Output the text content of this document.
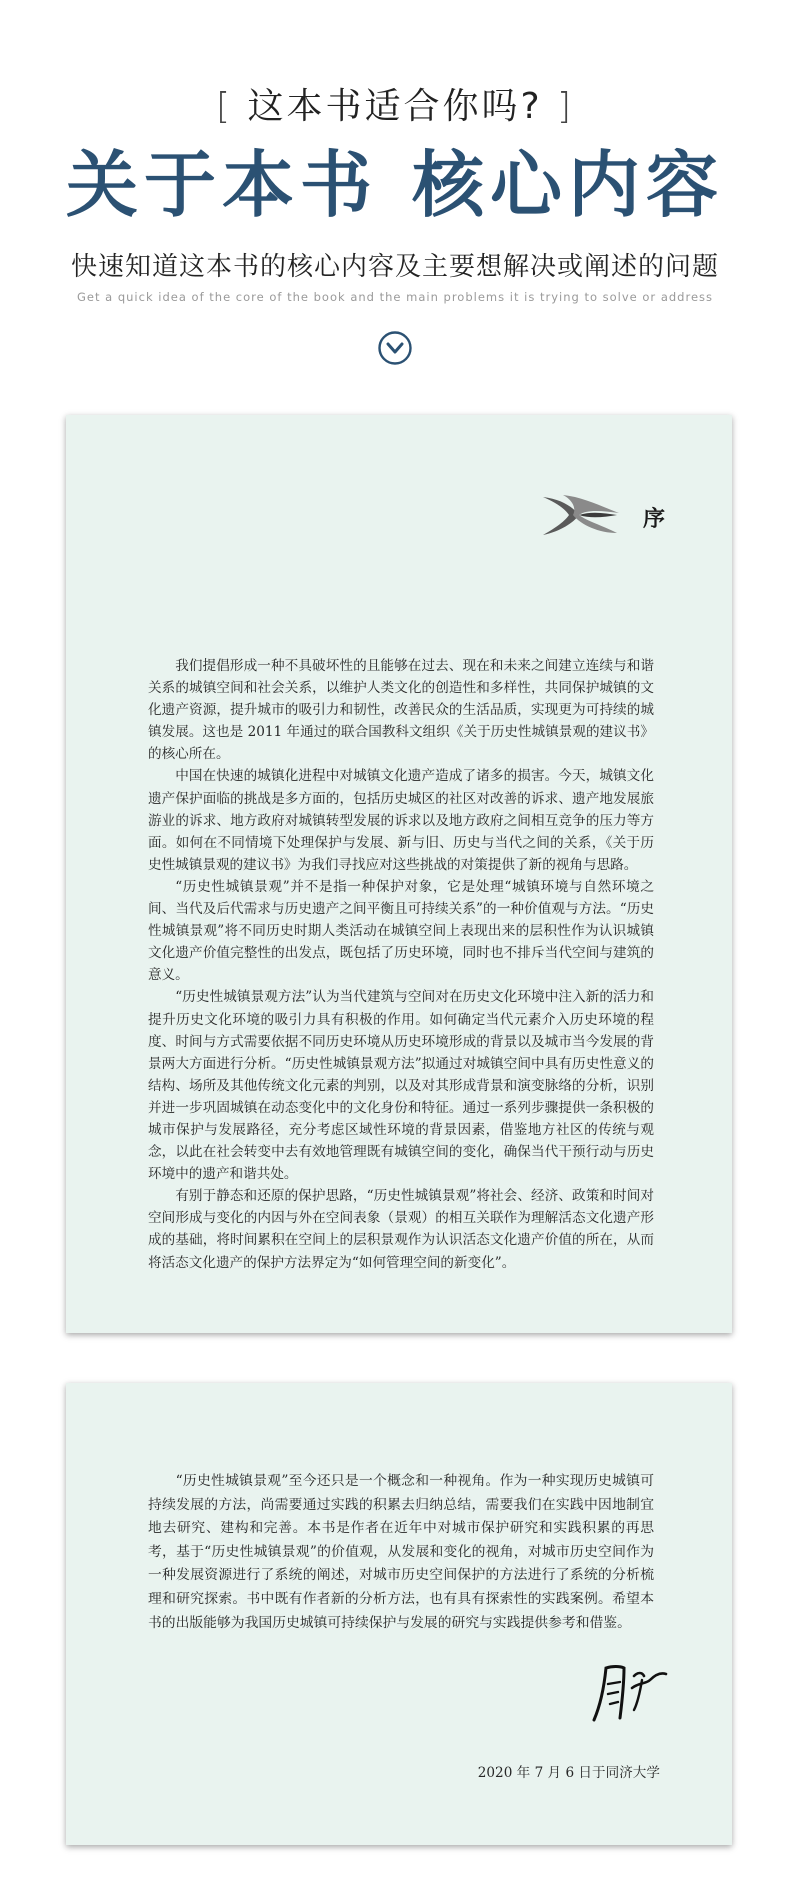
[ 这本书适合你吗? ]
关于本书 核心内容
快速知道这本书的核心内容及主要想解决或阐述的问题
Get a quick idea of the core of the book and the main problems it is trying to solve or address
序

我们提倡形成一种不具破坏性的且能够在过去、现在和未来之间建立连续与和谐关系的城镇空间和社会关系，以维护人类文化的创造性和多样性，共同保护城镇的文化遗产资源，提升城市的吸引力和韧性，改善民众的生活品质，实现更为可持续的城镇发展。这也是 2011 年通过的联合国教科文组织《关于历史性城镇景观的建议书》的核心所在。

中国在快速的城镇化进程中对城镇文化遗产造成了诸多的损害。今天，城镇文化遗产保护面临的挑战是多方面的，包括历史城区的社区对改善的诉求、遗产地发展旅游业的诉求、地方政府对城镇转型发展的诉求以及地方政府之间相互竞争的压力等方面。如何在不同情境下处理保护与发展、新与旧、历史与当代之间的关系，《关于历史性城镇景观的建议书》为我们寻找应对这些挑战的对策提供了新的视角与思路。

“历史性城镇景观”并不是指一种保护对象，它是处理“城镇环境与自然环境之间、当代及后代需求与历史遗产之间平衡且可持续关系”的一种价值观与方法。“历史性城镇景观”将不同历史时期人类活动在城镇空间上表现出来的层积性作为认识城镇文化遗产价值完整性的出发点，既包括了历史环境，同时也不排斥当代空间与建筑的意义。

“历史性城镇景观方法”认为当代建筑与空间对在历史文化环境中注入新的活力和提升历史文化环境的吸引力具有积极的作用。如何确定当代元素介入历史环境的程度、时间与方式需要依据不同历史环境从历史环境形成的背景以及城市当今发展的背景两大方面进行分析。“历史性城镇景观方法”拟通过对城镇空间中具有历史性意义的结构、场所及其他传统文化元素的判别，以及对其形成背景和演变脉络的分析，识别并进一步巩固城镇在动态变化中的文化身份和特征。通过一系列步骤提供一条积极的城市保护与发展路径，充分考虑区域性环境的背景因素，借鉴地方社区的传统与观念，以此在社会转变中去有效地管理既有城镇空间的变化，确保当代干预行动与历史环境中的遗产和谐共处。

有别于静态和还原的保护思路，“历史性城镇景观”将社会、经济、政策和时间对空间形成与变化的内因与外在空间表象（景观）的相互关联作为理解活态文化遗产形成的基础，将时间累积在空间上的层积景观作为认识活态文化遗产价值的所在，从而将活态文化遗产的保护方法界定为“如何管理空间的新变化”。

“历史性城镇景观”至今还只是一个概念和一种视角。作为一种实现历史城镇可持续发展的方法，尚需要通过实践的积累去归纳总结，需要我们在实践中因地制宜地去研究、建构和完善。本书是作者在近年中对城市保护研究和实践积累的再思考，基于“历史性城镇景观”的价值观，从发展和变化的视角，对城市历史空间作为一种发展资源进行了系统的阐述，对城市历史空间保护的方法进行了系统的分析梳理和研究探索。书中既有作者新的分析方法，也有具有探索性的实践案例。希望本书的出版能够为我国历史城镇可持续保护与发展的研究与实践提供参考和借鉴。

2020 年 7 月 6 日于同济大学
